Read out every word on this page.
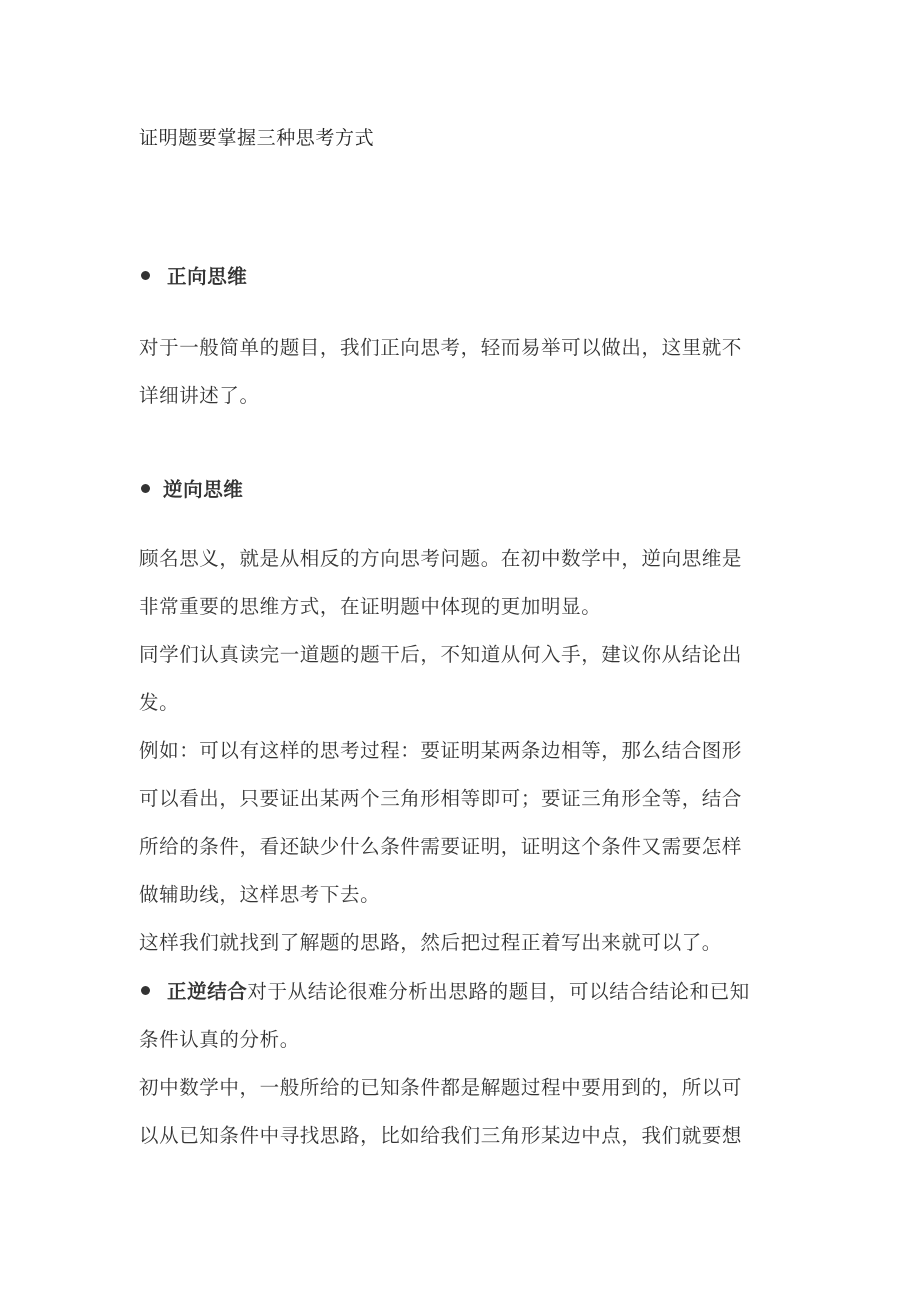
证明题要掌握三种思考方式
正向思维
对于一般简单的题目，我们正向思考，轻而易举可以做出，这里就不
详细讲述了。
逆向思维
顾名思义，就是从相反的方向思考问题。在初中数学中，逆向思维是
非常重要的思维方式，在证明题中体现的更加明显。
同学们认真读完一道题的题干后，不知道从何入手，建议你从结论出
发。
例如：可以有这样的思考过程：要证明某两条边相等，那么结合图形
可以看出，只要证出某两个三角形相等即可；要证三角形全等，结合
所给的条件，看还缺少什么条件需要证明，证明这个条件又需要怎样
做辅助线，这样思考下去。
这样我们就找到了解题的思路，然后把过程正着写出来就可以了。
正逆结合对于从结论很难分析出思路的题目，可以结合结论和已知
条件认真的分析。
初中数学中，一般所给的已知条件都是解题过程中要用到的，所以可
以从已知条件中寻找思路，比如给我们三角形某边中点，我们就要想
